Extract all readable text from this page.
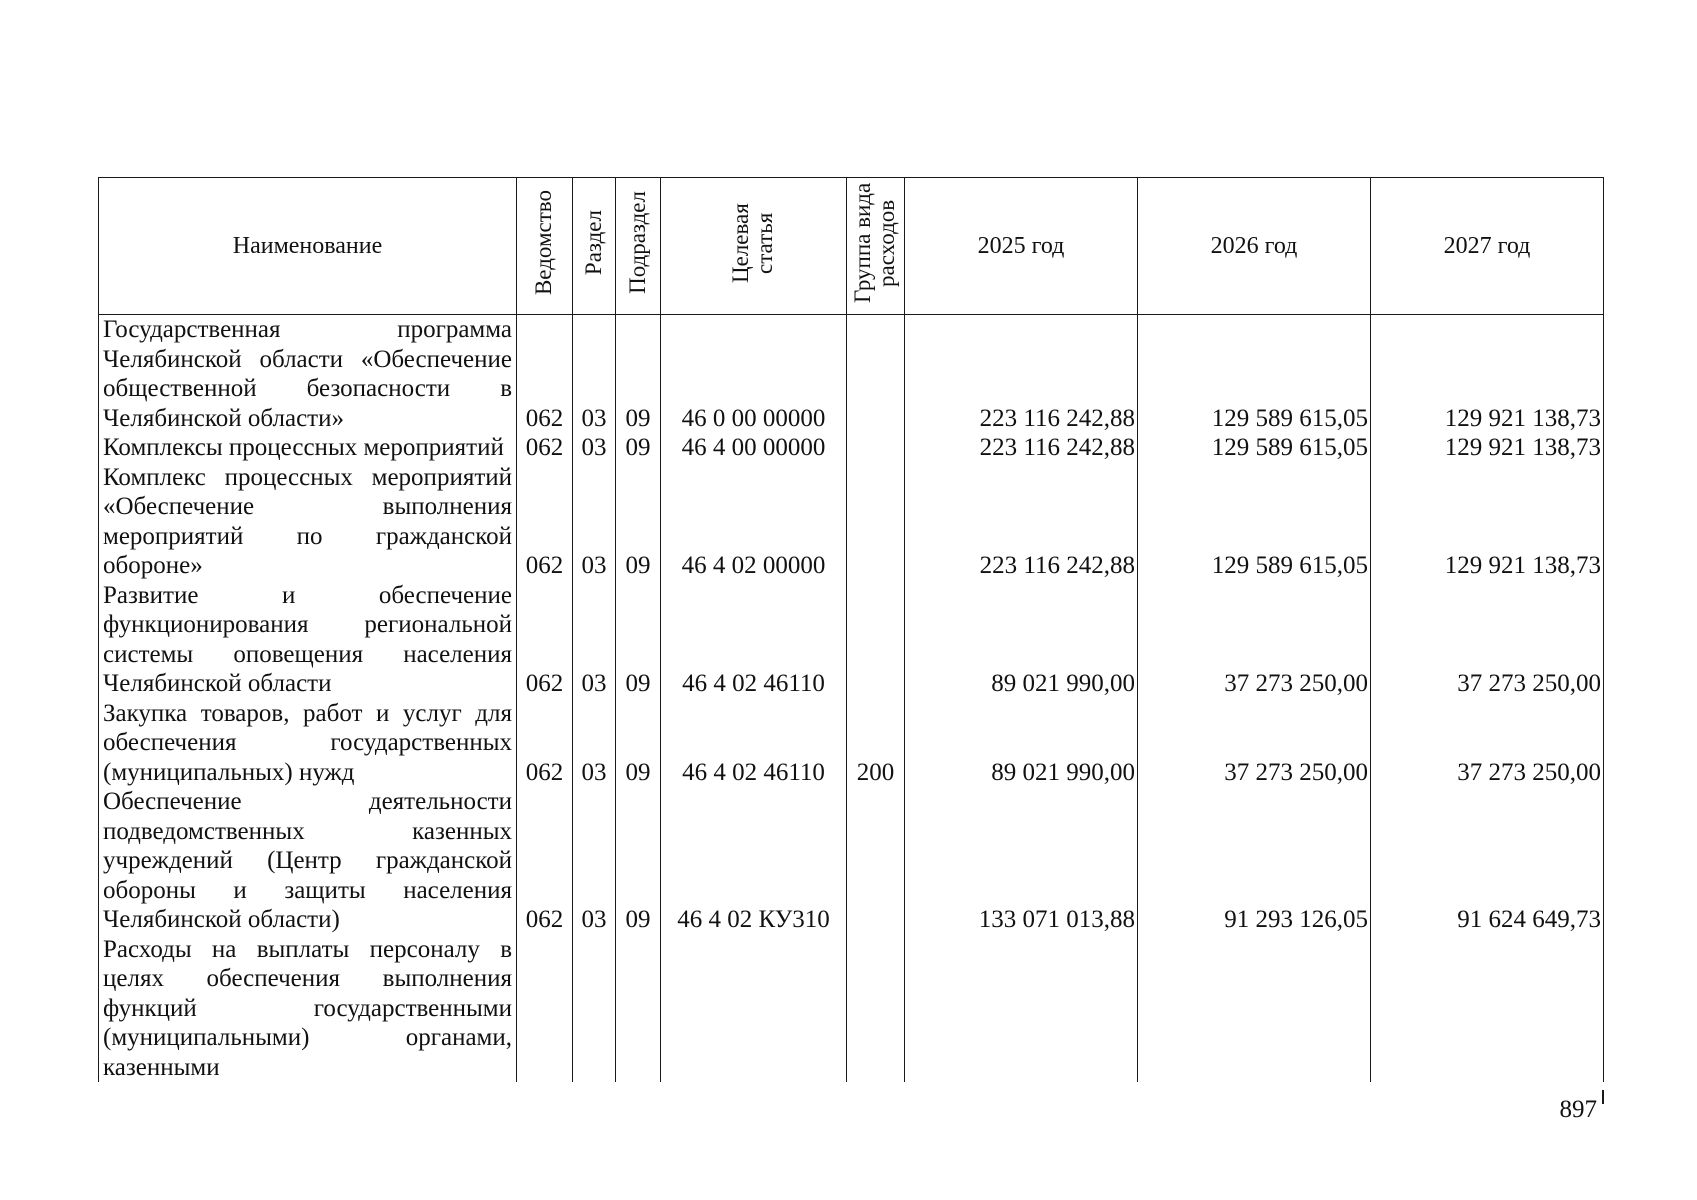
Наименование	Ведомство	Раздел	Подраздел	Целевая статья	Группа вида расходов	2025 год	2026 год	2027 год
Государственная программа Челябинской области «Обеспечение общественной безопасности в Челябинской области»	062	03	09	46 0 00 00000		223 116 242,88	129 589 615,05	129 921 138,73
Комплексы процессных мероприятий	062	03	09	46 4 00 00000		223 116 242,88	129 589 615,05	129 921 138,73
Комплекс процессных мероприятий «Обеспечение выполнения мероприятий по гражданской обороне»	062	03	09	46 4 02 00000		223 116 242,88	129 589 615,05	129 921 138,73
Развитие и обеспечение функционирования региональной системы оповещения населения Челябинской области	062	03	09	46 4 02 46110		89 021 990,00	37 273 250,00	37 273 250,00
Закупка товаров, работ и услуг для обеспечения государственных (муниципальных) нужд	062	03	09	46 4 02 46110	200	89 021 990,00	37 273 250,00	37 273 250,00
Обеспечение деятельности подведомственных казенных учреждений (Центр гражданской обороны и защиты населения Челябинской области)	062	03	09	46 4 02 КУ310		133 071 013,88	91 293 126,05	91 624 649,73
Расходы на выплаты персоналу в целях обеспечения выполнения функций государственными (муниципальными) органами, казенными								
897
